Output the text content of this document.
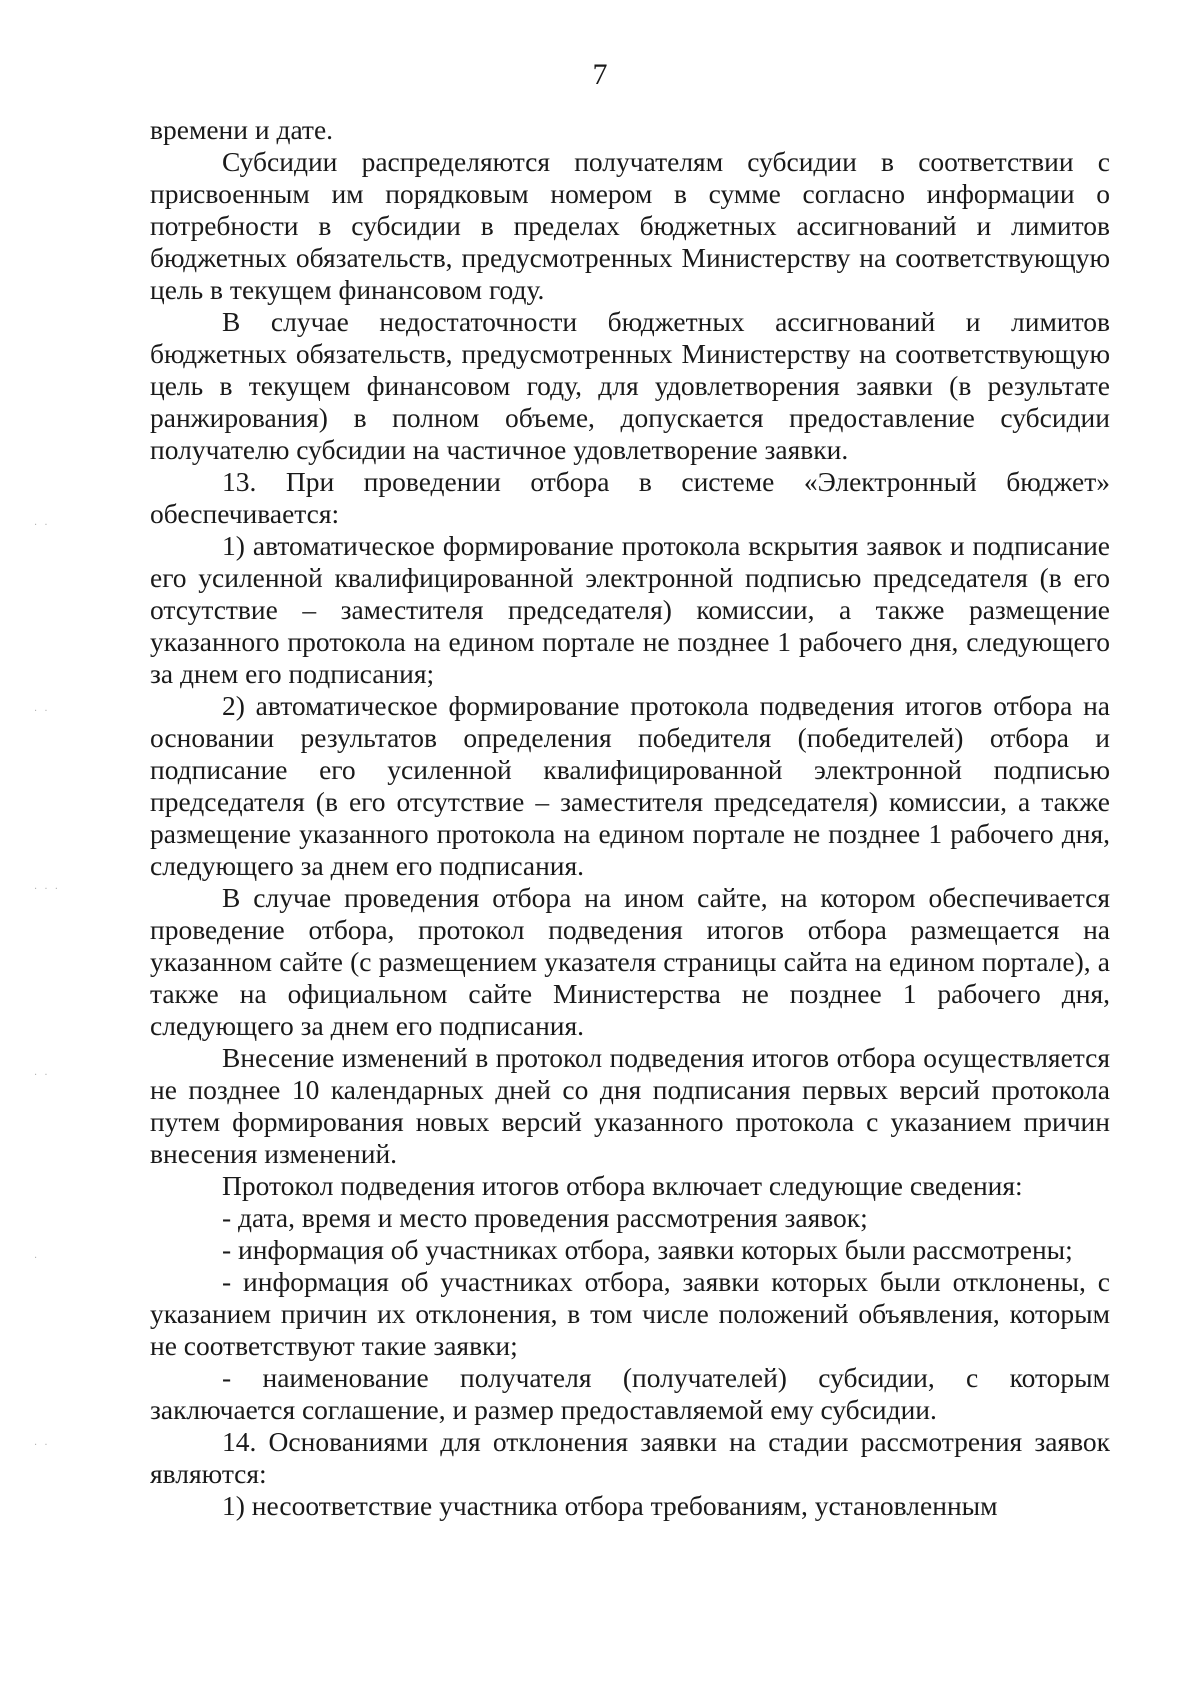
7
· ·
· ·
· · ·
· ·
·
· ·

времени и дате.

Субсидии распределяются получателям субсидии в соответствии с присвоенным им порядковым номером в сумме согласно информации о потребности в субсидии в пределах бюджетных ассигнований и лимитов бюджетных обязательств, предусмотренных Министерству на соответствующую цель в текущем финансовом году.

В случае недостаточности бюджетных ассигнований и лимитов бюджетных обязательств, предусмотренных Министерству на соответствующую цель в текущем финансовом году, для удовлетворения заявки (в результате ранжирования) в полном объеме, допускается предоставление субсидии получателю субсидии на частичное удовлетворение заявки.

13. При проведении отбора в системе «Электронный бюджет» обеспечивается:

1) автоматическое формирование протокола вскрытия заявок и подписание его усиленной квалифицированной электронной подписью председателя (в его отсутствие – заместителя председателя) комиссии, а также размещение указанного протокола на едином портале не позднее 1 рабочего дня, следующего за днем его подписания;

2) автоматическое формирование протокола подведения итогов отбора на основании результатов определения победителя (победителей) отбора и подписание его усиленной квалифицированной электронной подписью председателя (в его отсутствие – заместителя председателя) комиссии, а также размещение указанного протокола на едином портале не позднее 1 рабочего дня, следующего за днем его подписания.

В случае проведения отбора на ином сайте, на котором обеспечивается проведение отбора, протокол подведения итогов отбора размещается на указанном сайте (с размещением указателя страницы сайта на едином портале), а также на официальном сайте Министерства не позднее 1 рабочего дня, следующего за днем его подписания.

Внесение изменений в протокол подведения итогов отбора осуществляется не позднее 10 календарных дней со дня подписания первых версий протокола путем формирования новых версий указанного протокола с указанием причин внесения изменений.

Протокол подведения итогов отбора включает следующие сведения:

- дата, время и место проведения рассмотрения заявок;

- информация об участниках отбора, заявки которых были рассмотрены;

- информация об участниках отбора, заявки которых были отклонены, с указанием причин их отклонения, в том числе положений объявления, которым не соответствуют такие заявки;

- наименование получателя (получателей) субсидии, с которым заключается соглашение, и размер предоставляемой ему субсидии.

14. Основаниями для отклонения заявки на стадии рассмотрения заявок являются:

1) несоответствие участника отбора требованиям, установленным
